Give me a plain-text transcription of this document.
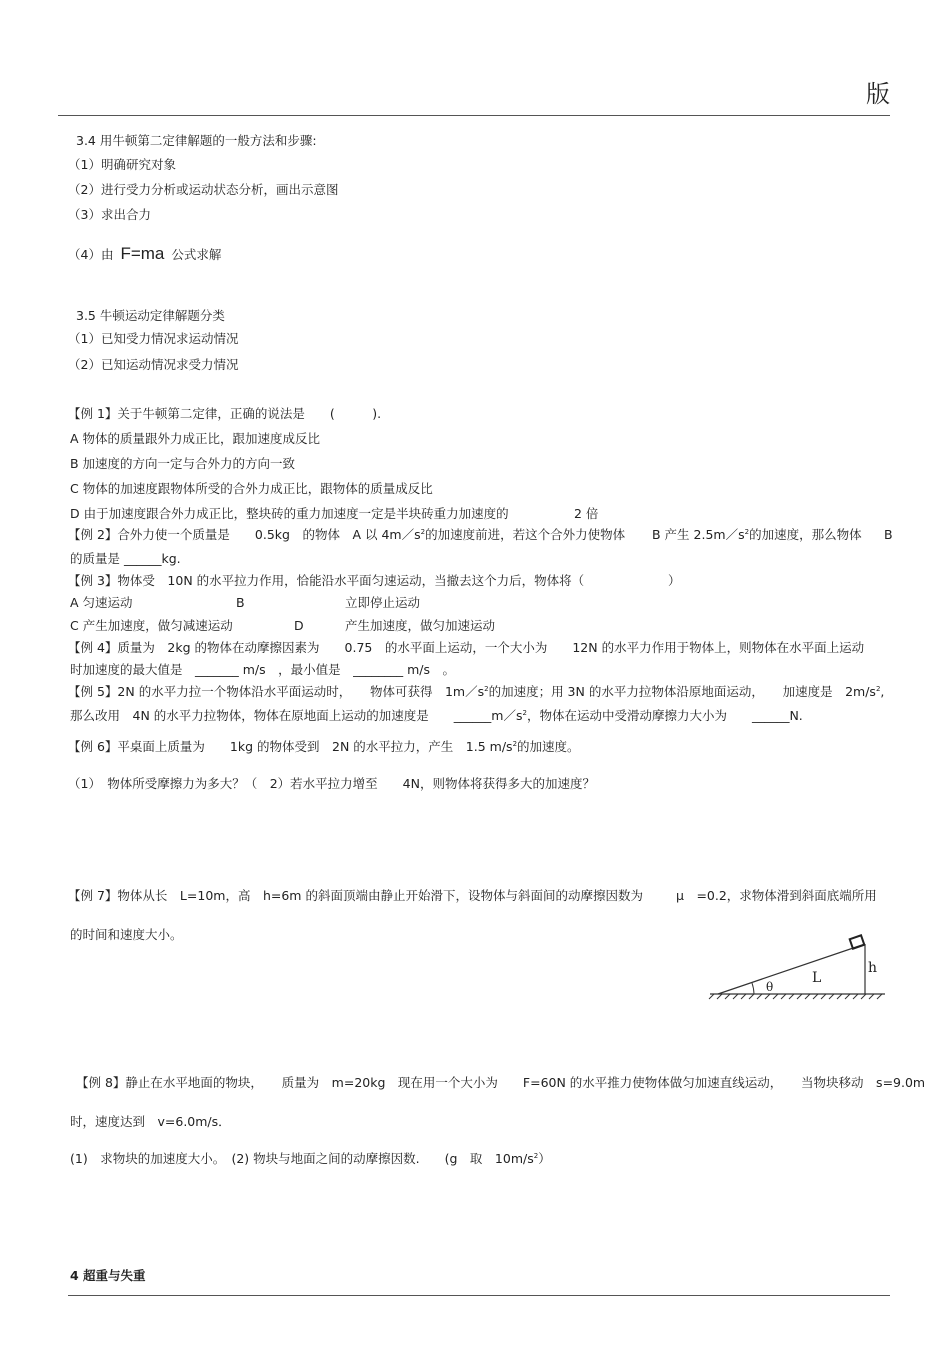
版
3.4 用牛顿第二定律解题的一般方法和步骤:
（1）明确研究对象
（2）进行受力分析或运动状态分析，画出示意图
（3）求出合力
（4）由 F=ma 公式求解
3.5 牛顿运动定律解题分类
（1）已知受力情况求运动情况
（2）已知运动情况求受力情况
【例 1】关于牛顿第二定律，正确的说法是　　(　　　).
A 物体的质量跟外力成正比，跟加速度成反比
B 加速度的方向一定与合外力的方向一致
C 物体的加速度跟物体所受的合外力成正比，跟物体的质量成反比
D 由于加速度跟合外力成正比，整块砖的重力加速度一定是半块砖重力加速度的	2 倍
【例 2】合外力使一个质量是　　0.5kg　的物体　A 以 $4m/s^2$的加速度前进，若这个合外力使物体 B 产生 $2.5m/s^2$的加速度，那么物体 B
的质量是 ______kg.
【例 3】物体受　10N 的水平拉力作用，恰能沿水平面匀速运动，当撤去这个力后，物体将（	）
A 匀速运动	B	立即停止运动
C 产生加速度，做匀减速运动	D	产生加速度，做匀加速运动
【例 4】质量为　2kg 的物体在动摩擦因素为　　0.75　的水平面上运动，一个大小为　　12N 的水平力作用于物体上，则物体在水平面上运动
时加速度的最大值是　_______ m/s　，最小值是　________ m/s　。
【例 5】2N 的水平力拉一个物体沿水平面运动时，　　物体可获得　$1m/s^2$的加速度；用 3N 的水平力拉物体沿原地面运动，　　加速度是　$2m/s^2$,
那么改用　4N 的水平力拉物体，物体在原地面上运动的加速度是　　$\_\_\_\_\_\_m/s^2$，物体在运动中受滑动摩擦力大小为　　______N.
【例 6】平桌面上质量为　　1kg 的物体受到　2N 的水平拉力，产生　1.5 $m/s^2$的加速度。
（1）　物体所受摩擦力为多大？（　2）若水平拉力增至　　4N，则物体将获得多大的加速度？
【例 7】物体从长　L=10m，高　h=6m 的斜面顶端由静止开始滑下，设物体与斜面间的动摩擦因数为	μ　=0.2，求物体滑到斜面底端所用
的时间和速度大小。
L
h
θ
【例 8】静止在水平地面的物块，　　质量为　m=20kg　现在用一个大小为　　F=60N 的水平推力使物体做匀加速直线运动，　　当物块移动　s=9.0m
时，速度达到　v=6.0m/s．
(1)　求物块的加速度大小。　(2) 物块与地面之间的动摩擦因数.　　(g　取　$10m/s^2$）
4 超重与失重
